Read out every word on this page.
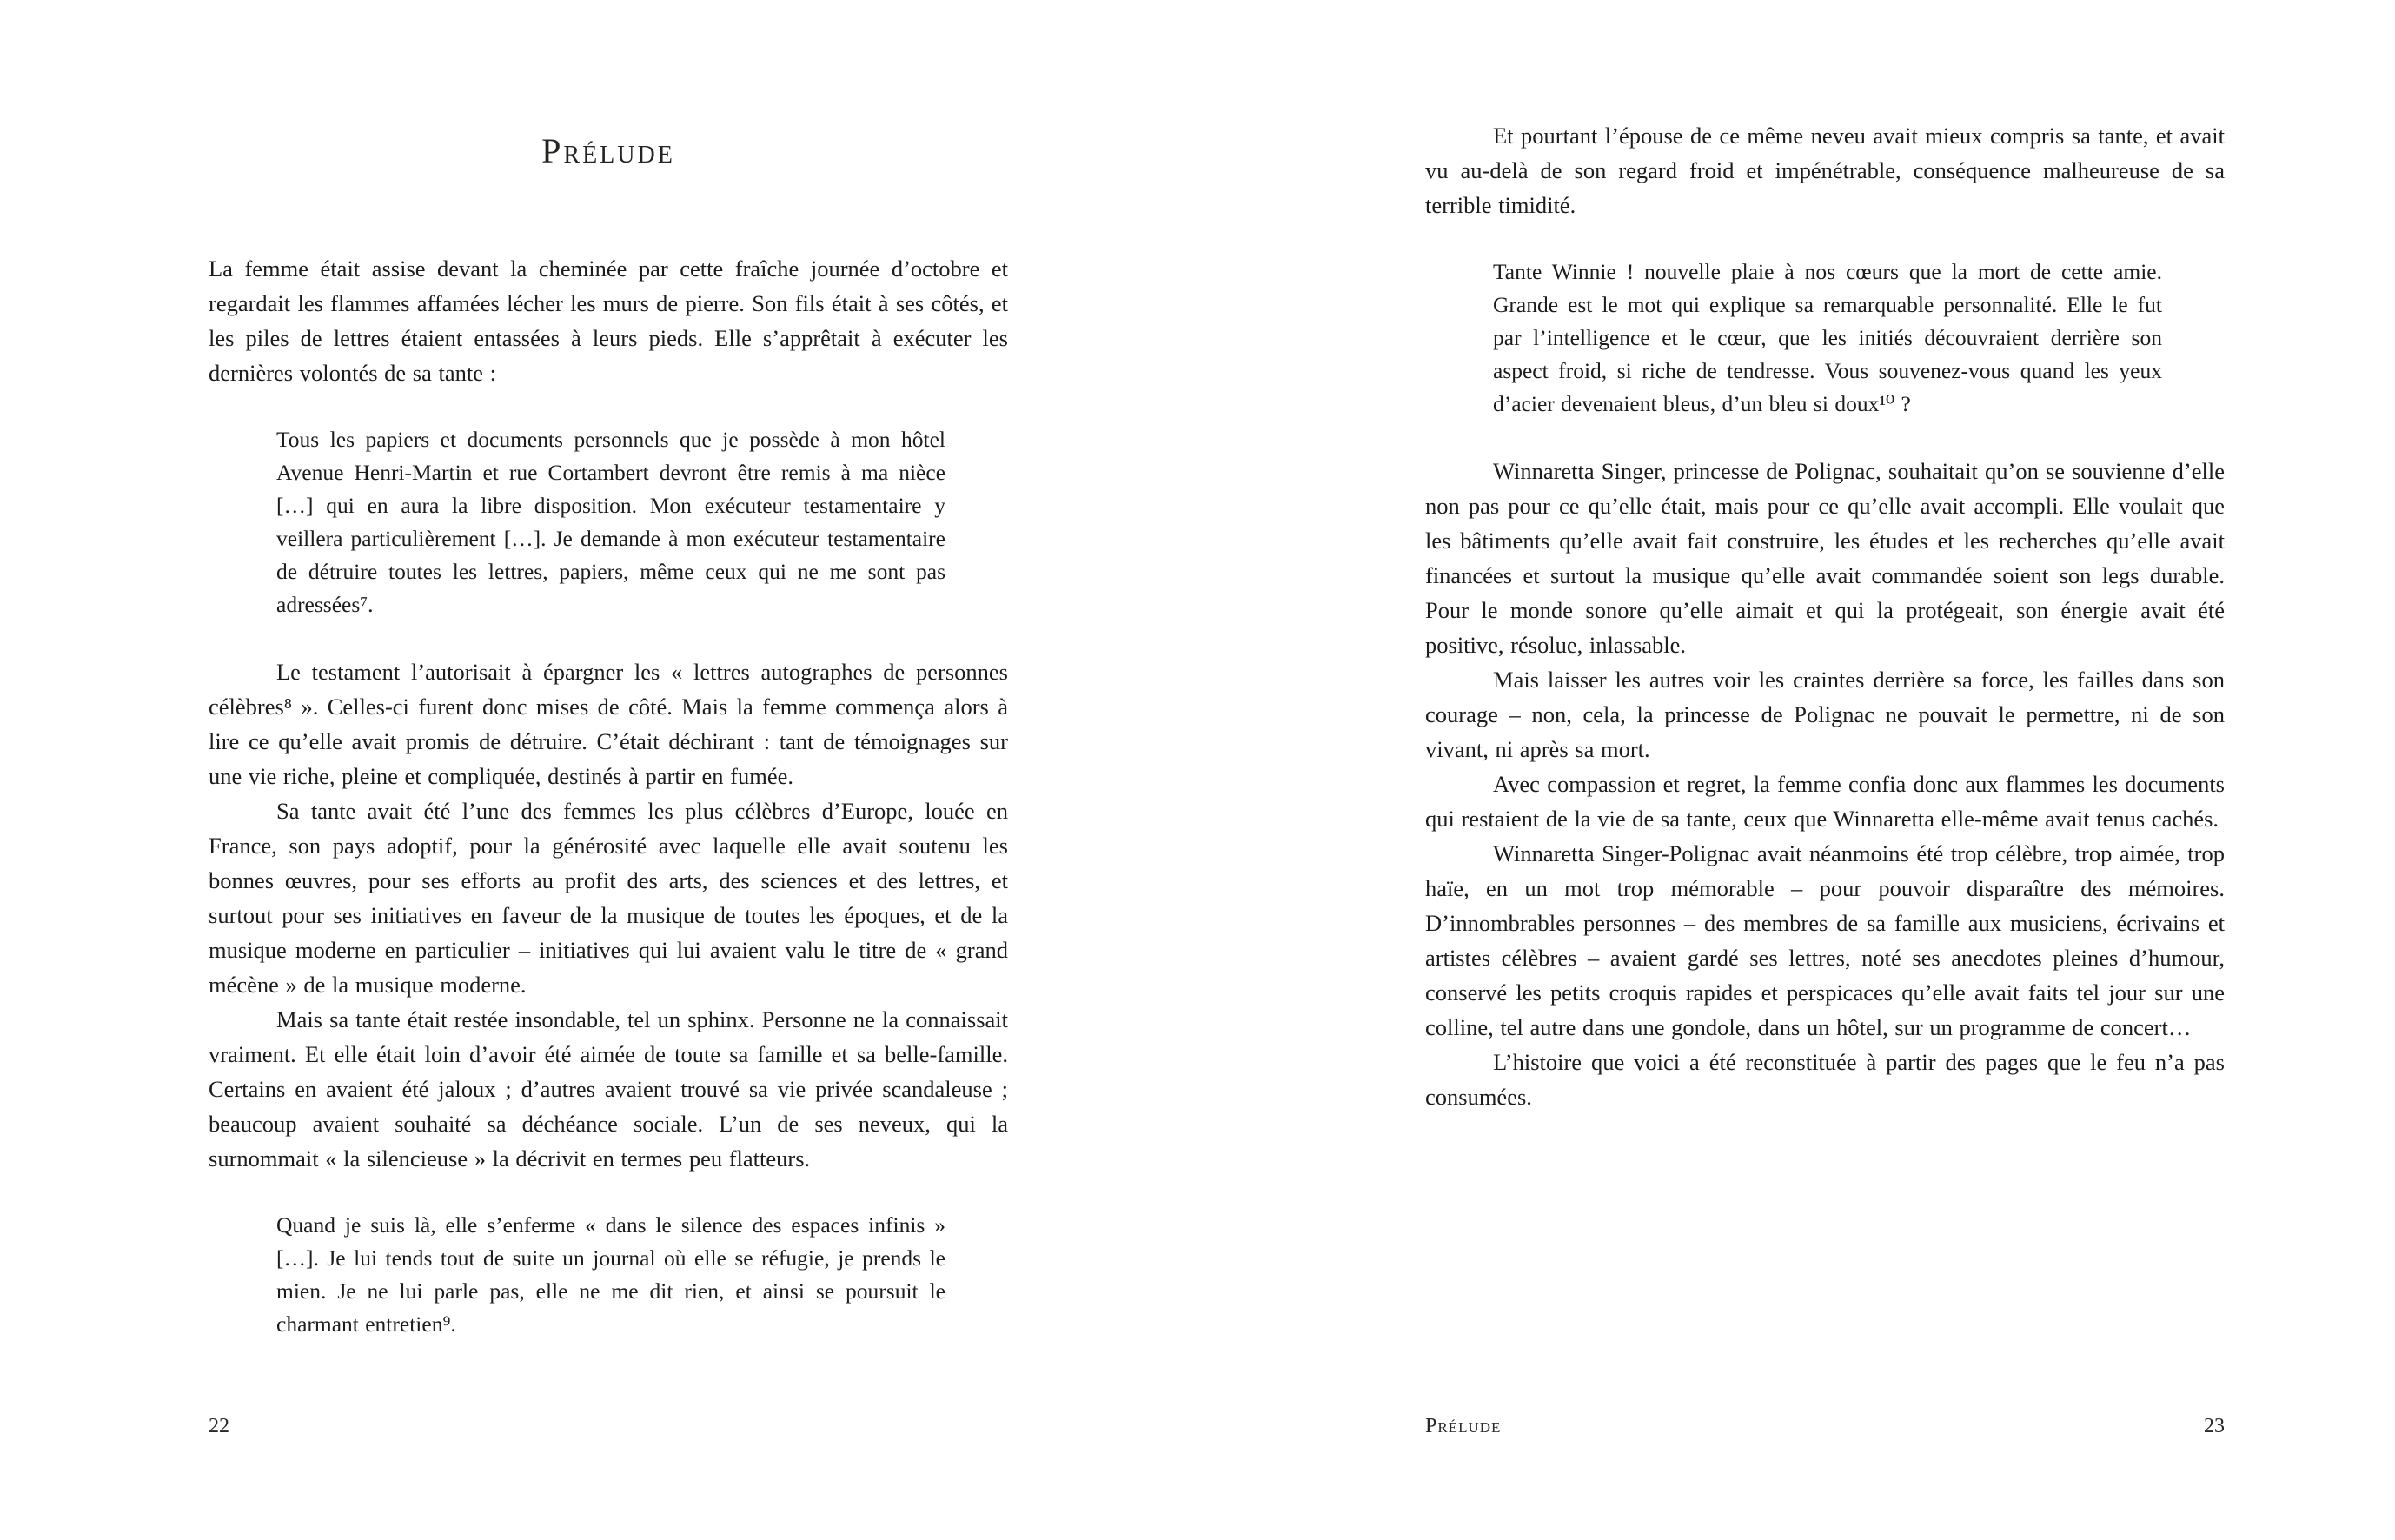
Prélude

La femme était assise devant la cheminée par cette fraîche journée d’octobre et regardait les flammes affamées lécher les murs de pierre. Son fils était à ses côtés, et les piles de lettres étaient entassées à leurs pieds. Elle s’apprêtait à exécuter les dernières volontés de sa tante :

Tous les papiers et documents personnels que je possède à mon hôtel Avenue Henri-Martin et rue Cortambert devront être remis à ma nièce […] qui en aura la libre disposition. Mon exécuteur testamentaire y veillera particulièrement […]. Je demande à mon exécuteur testamentaire de détruire toutes les lettres, papiers, même ceux qui ne me sont pas adressées⁷.

Le testament l’autorisait à épargner les « lettres autographes de personnes célèbres⁸ ». Celles-ci furent donc mises de côté. Mais la femme commença alors à lire ce qu’elle avait promis de détruire. C’était déchirant : tant de témoignages sur une vie riche, pleine et compliquée, destinés à partir en fumée.

Sa tante avait été l’une des femmes les plus célèbres d’Europe, louée en France, son pays adoptif, pour la générosité avec laquelle elle avait soutenu les bonnes œuvres, pour ses efforts au profit des arts, des sciences et des lettres, et surtout pour ses initiatives en faveur de la musique de toutes les époques, et de la musique moderne en particulier – initiatives qui lui avaient valu le titre de « grand mécène » de la musique moderne.

Mais sa tante était restée insondable, tel un sphinx. Personne ne la connaissait vraiment. Et elle était loin d’avoir été aimée de toute sa famille et sa belle-famille. Certains en avaient été jaloux ; d’autres avaient trouvé sa vie privée scandaleuse ; beaucoup avaient souhaité sa déchéance sociale. L’un de ses neveux, qui la surnommait « la silencieuse » la décrivit en termes peu flatteurs.

Quand je suis là, elle s’enferme « dans le silence des espaces infinis » […]. Je lui tends tout de suite un journal où elle se réfugie, je prends le mien. Je ne lui parle pas, elle ne me dit rien, et ainsi se poursuit le charmant entretien⁹.

Et pourtant l’épouse de ce même neveu avait mieux compris sa tante, et avait vu au-delà de son regard froid et impénétrable, conséquence malheureuse de sa terrible timidité.

Tante Winnie ! nouvelle plaie à nos cœurs que la mort de cette amie. Grande est le mot qui explique sa remarquable personnalité. Elle le fut par l’intelligence et le cœur, que les initiés découvraient derrière son aspect froid, si riche de tendresse. Vous souvenez-vous quand les yeux d’acier devenaient bleus, d’un bleu si doux¹⁰ ?

Winnaretta Singer, princesse de Polignac, souhaitait qu’on se souvienne d’elle non pas pour ce qu’elle était, mais pour ce qu’elle avait accompli. Elle voulait que les bâtiments qu’elle avait fait construire, les études et les recherches qu’elle avait financées et surtout la musique qu’elle avait commandée soient son legs durable. Pour le monde sonore qu’elle aimait et qui la protégeait, son énergie avait été positive, résolue, inlassable.

Mais laisser les autres voir les craintes derrière sa force, les failles dans son courage – non, cela, la princesse de Polignac ne pouvait le permettre, ni de son vivant, ni après sa mort.

Avec compassion et regret, la femme confia donc aux flammes les documents qui restaient de la vie de sa tante, ceux que Winnaretta elle-même avait tenus cachés.

Winnaretta Singer-Polignac avait néanmoins été trop célèbre, trop aimée, trop haïe, en un mot trop mémorable – pour pouvoir disparaître des mémoires. D’innombrables personnes – des membres de sa famille aux musiciens, écrivains et artistes célèbres – avaient gardé ses lettres, noté ses anecdotes pleines d’humour, conservé les petits croquis rapides et perspicaces qu’elle avait faits tel jour sur une colline, tel autre dans une gondole, dans un hôtel, sur un programme de concert…

L’histoire que voici a été reconstituée à partir des pages que le feu n’a pas consumées.

22	Prélude	23
